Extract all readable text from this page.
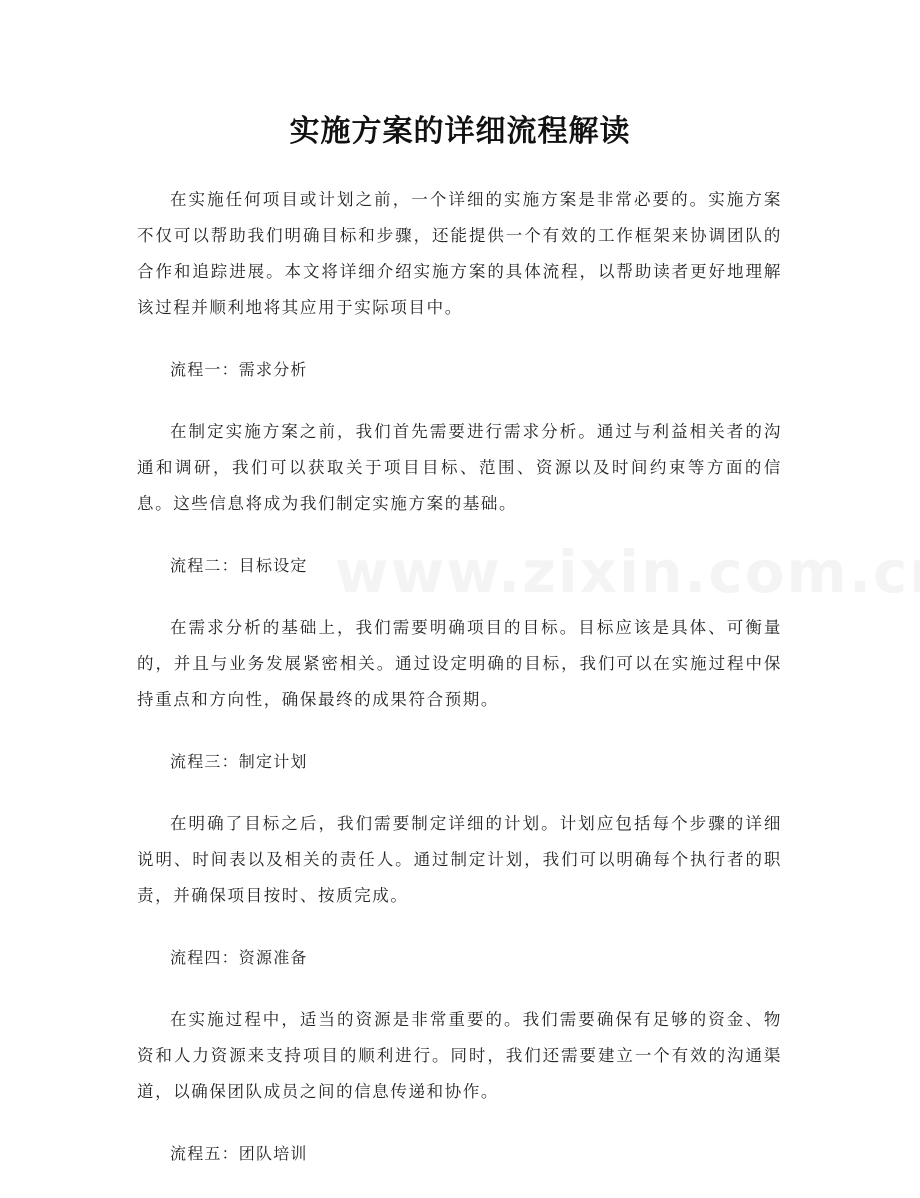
实施方案的详细流程解读

在实施任何项目或计划之前，一个详细的实施方案是非常必要的。实施方案不仅可以帮助我们明确目标和步骤，还能提供一个有效的工作框架来协调团队的合作和追踪进展。本文将详细介绍实施方案的具体流程，以帮助读者更好地理解该过程并顺利地将其应用于实际项目中。

流程一：需求分析

在制定实施方案之前，我们首先需要进行需求分析。通过与利益相关者的沟通和调研，我们可以获取关于项目目标、范围、资源以及时间约束等方面的信息。这些信息将成为我们制定实施方案的基础。

流程二：目标设定

在需求分析的基础上，我们需要明确项目的目标。目标应该是具体、可衡量的，并且与业务发展紧密相关。通过设定明确的目标，我们可以在实施过程中保持重点和方向性，确保最终的成果符合预期。

流程三：制定计划

在明确了目标之后，我们需要制定详细的计划。计划应包括每个步骤的详细说明、时间表以及相关的责任人。通过制定计划，我们可以明确每个执行者的职责，并确保项目按时、按质完成。

流程四：资源准备

在实施过程中，适当的资源是非常重要的。我们需要确保有足够的资金、物资和人力资源来支持项目的顺利进行。同时，我们还需要建立一个有效的沟通渠道，以确保团队成员之间的信息传递和协作。

流程五：团队培训
